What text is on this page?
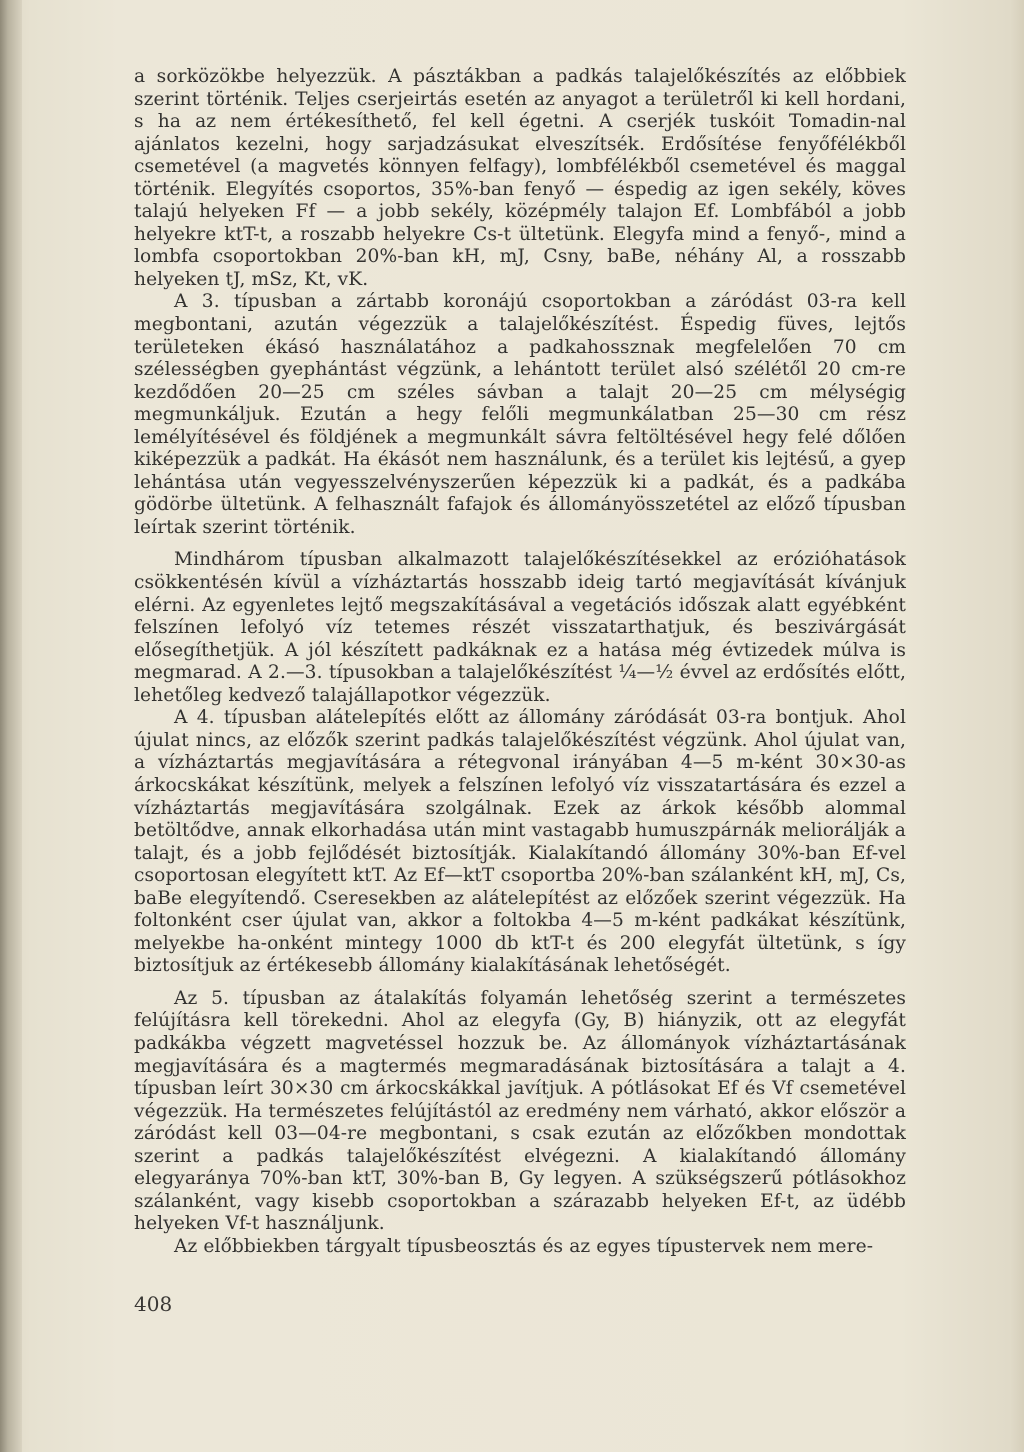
a sorközökbe helyezzük. A pásztákban a padkás talajelőkészítés az előbbiek szerint történik. Teljes cserjeirtás esetén az anyagot a területről ki kell hordani, s ha az nem értékesíthető, fel kell égetni. A cserjék tuskóit Tomadin-nal ajánlatos kezelni, hogy sarjadzásukat elveszítsék. Erdősítése fenyőfélékből csemetével (a magvetés könnyen felfagy), lombfélékből csemetével és maggal történik. Elegyítés csoportos, 35%-ban fenyő — éspedig az igen sekély, köves talajú helyeken Ff — a jobb sekély, középmély talajon Ef. Lombfából a jobb helyekre ktT-t, a roszabb helyekre Cs-t ültetünk. Elegyfa mind a fenyő-, mind a lombfa csoportokban 20%-ban kH, mJ, Csny, baBe, néhány Al, a rosszabb helyeken tJ, mSz, Kt, vK.

A 3. típusban a zártabb koronájú csoportokban a záródást 03-ra kell megbontani, azután végezzük a talajelőkészítést. Éspedig füves, lejtős területeken ékásó használatához a padkahossznak megfelelően 70 cm szélességben gyephántást végzünk, a lehántott terület alsó szélétől 20 cm-re kezdődően 20—25 cm széles sávban a talajt 20—25 cm mélységig megmunkáljuk. Ezután a hegy felőli megmunkálatban 25—30 cm rész lemélyítésével és földjének a megmunkált sávra feltöltésével hegy felé dőlően kiképezzük a padkát. Ha ékásót nem használunk, és a terület kis lejtésű, a gyep lehántása után vegyesszelvényszerűen képezzük ki a padkát, és a padkába gödörbe ültetünk. A felhasznált fafajok és állományösszetétel az előző típusban leírtak szerint történik.

Mindhárom típusban alkalmazott talajelőkészítésekkel az erózióhatások csökkentésén kívül a vízháztartás hosszabb ideig tartó megjavítását kívánjuk elérni. Az egyenletes lejtő megszakításával a vegetációs időszak alatt egyébként felszínen lefolyó víz tetemes részét visszatarthatjuk, és beszivárgását elősegíthetjük. A jól készített padkáknak ez a hatása még évtizedek múlva is megmarad. A 2.—3. típusokban a talajelőkészítést ¼—½ évvel az erdősítés előtt, lehetőleg kedvező talajállapotkor végezzük.

A 4. típusban alátelepítés előtt az állomány záródását 03-ra bontjuk. Ahol újulat nincs, az előzők szerint padkás talajelőkészítést végzünk. Ahol újulat van, a vízháztartás megjavítására a rétegvonal irányában 4—5 m-ként 30×30-as árkocskákat készítünk, melyek a felszínen lefolyó víz visszatartására és ezzel a vízháztartás megjavítására szolgálnak. Ezek az árkok később alommal betöltődve, annak elkorhadása után mint vastagabb humuszpárnák meliorálják a talajt, és a jobb fejlődését biztosítják. Kialakítandó állomány 30%-ban Ef-vel csoportosan elegyített ktT. Az Ef—ktT csoportba 20%-ban szálanként kH, mJ, Cs, baBe elegyítendő. Cseresekben az alátelepítést az előzőek szerint végezzük. Ha foltonként cser újulat van, akkor a foltokba 4—5 m-ként padkákat készítünk, melyekbe ha-onként mintegy 1000 db ktT-t és 200 elegyfát ültetünk, s így biztosítjuk az értékesebb állomány kialakításának lehetőségét.

Az 5. típusban az átalakítás folyamán lehetőség szerint a természetes felújításra kell törekedni. Ahol az elegyfa (Gy, B) hiányzik, ott az elegyfát padkákba végzett magvetéssel hozzuk be. Az állományok vízháztartásának megjavítására és a magtermés megmaradásának biztosítására a talajt a 4. típusban leírt 30×30 cm árkocskákkal javítjuk. A pótlásokat Ef és Vf csemetével végezzük. Ha természetes felújítástól az eredmény nem várható, akkor először a záródást kell 03—04-re megbontani, s csak ezután az előzőkben mondottak szerint a padkás talajelőkészítést elvégezni. A kialakítandó állomány elegyaránya 70%-ban ktT, 30%-ban B, Gy legyen. A szükségszerű pótlásokhoz szálanként, vagy kisebb csoportokban a szárazabb helyeken Ef-t, az üdébb helyeken Vf-t használjunk.

Az előbbiekben tárgyalt típusbeosztás és az egyes típustervek nem mere-

408
